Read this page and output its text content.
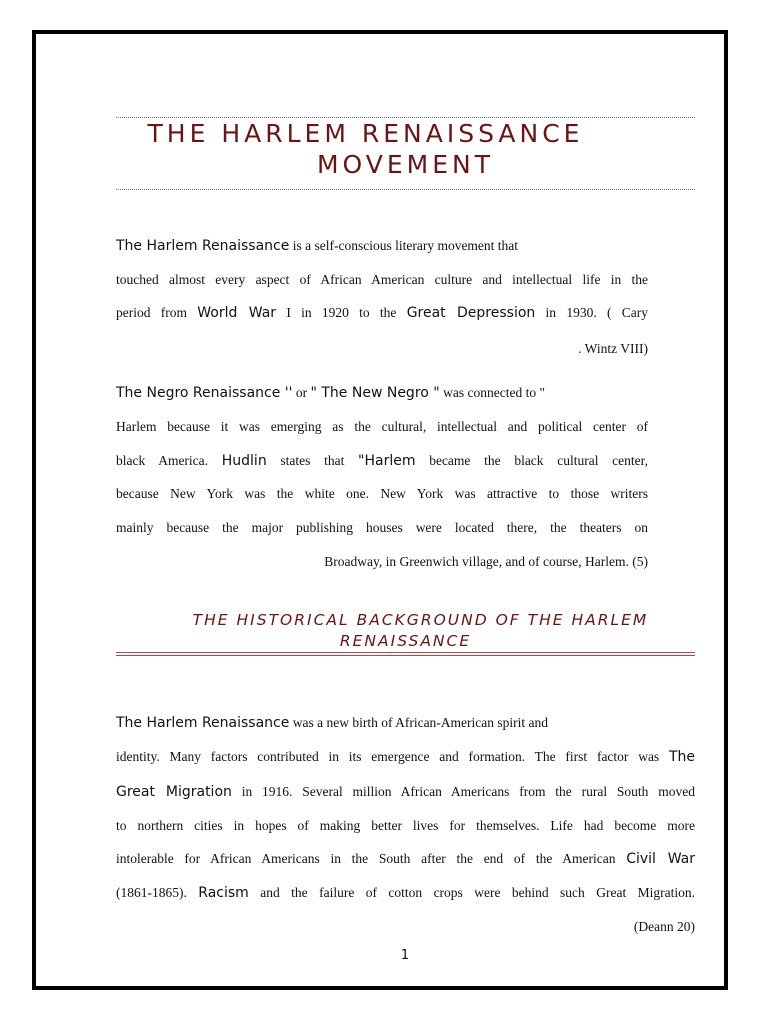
THE HARLEM RENAISSANCE
MOVEMENT
The Harlem Renaissance is a self-conscious literary movement that
touched almost every aspect of African American culture and intellectual life in the
period from World War I in 1920 to the Great Depression in 1930. ( Cary
. Wintz VIII)
The Negro Renaissance '' or " The New Negro " was connected to "
Harlem because it was emerging as the cultural, intellectual and political center of
black America. Hudlin states that "Harlem became the black cultural center,
because New York was the white one. New York was attractive to those writers
mainly because the major publishing houses were located there, the theaters on
Broadway, in Greenwich village, and of course, Harlem. (5)
THE HISTORICAL BACKGROUND OF THE HARLEM
RENAISSANCE
The Harlem Renaissance was a new birth of African-American spirit and
identity. Many factors contributed in its emergence and formation. The first factor was The
Great Migration in 1916. Several million African Americans from the rural South moved
to northern cities in hopes of making better lives for themselves. Life had become more
intolerable for African Americans in the South after the end of the American Civil War
(1861-1865). Racism and the failure of cotton crops were behind such Great Migration.
(Deann 20)
1
